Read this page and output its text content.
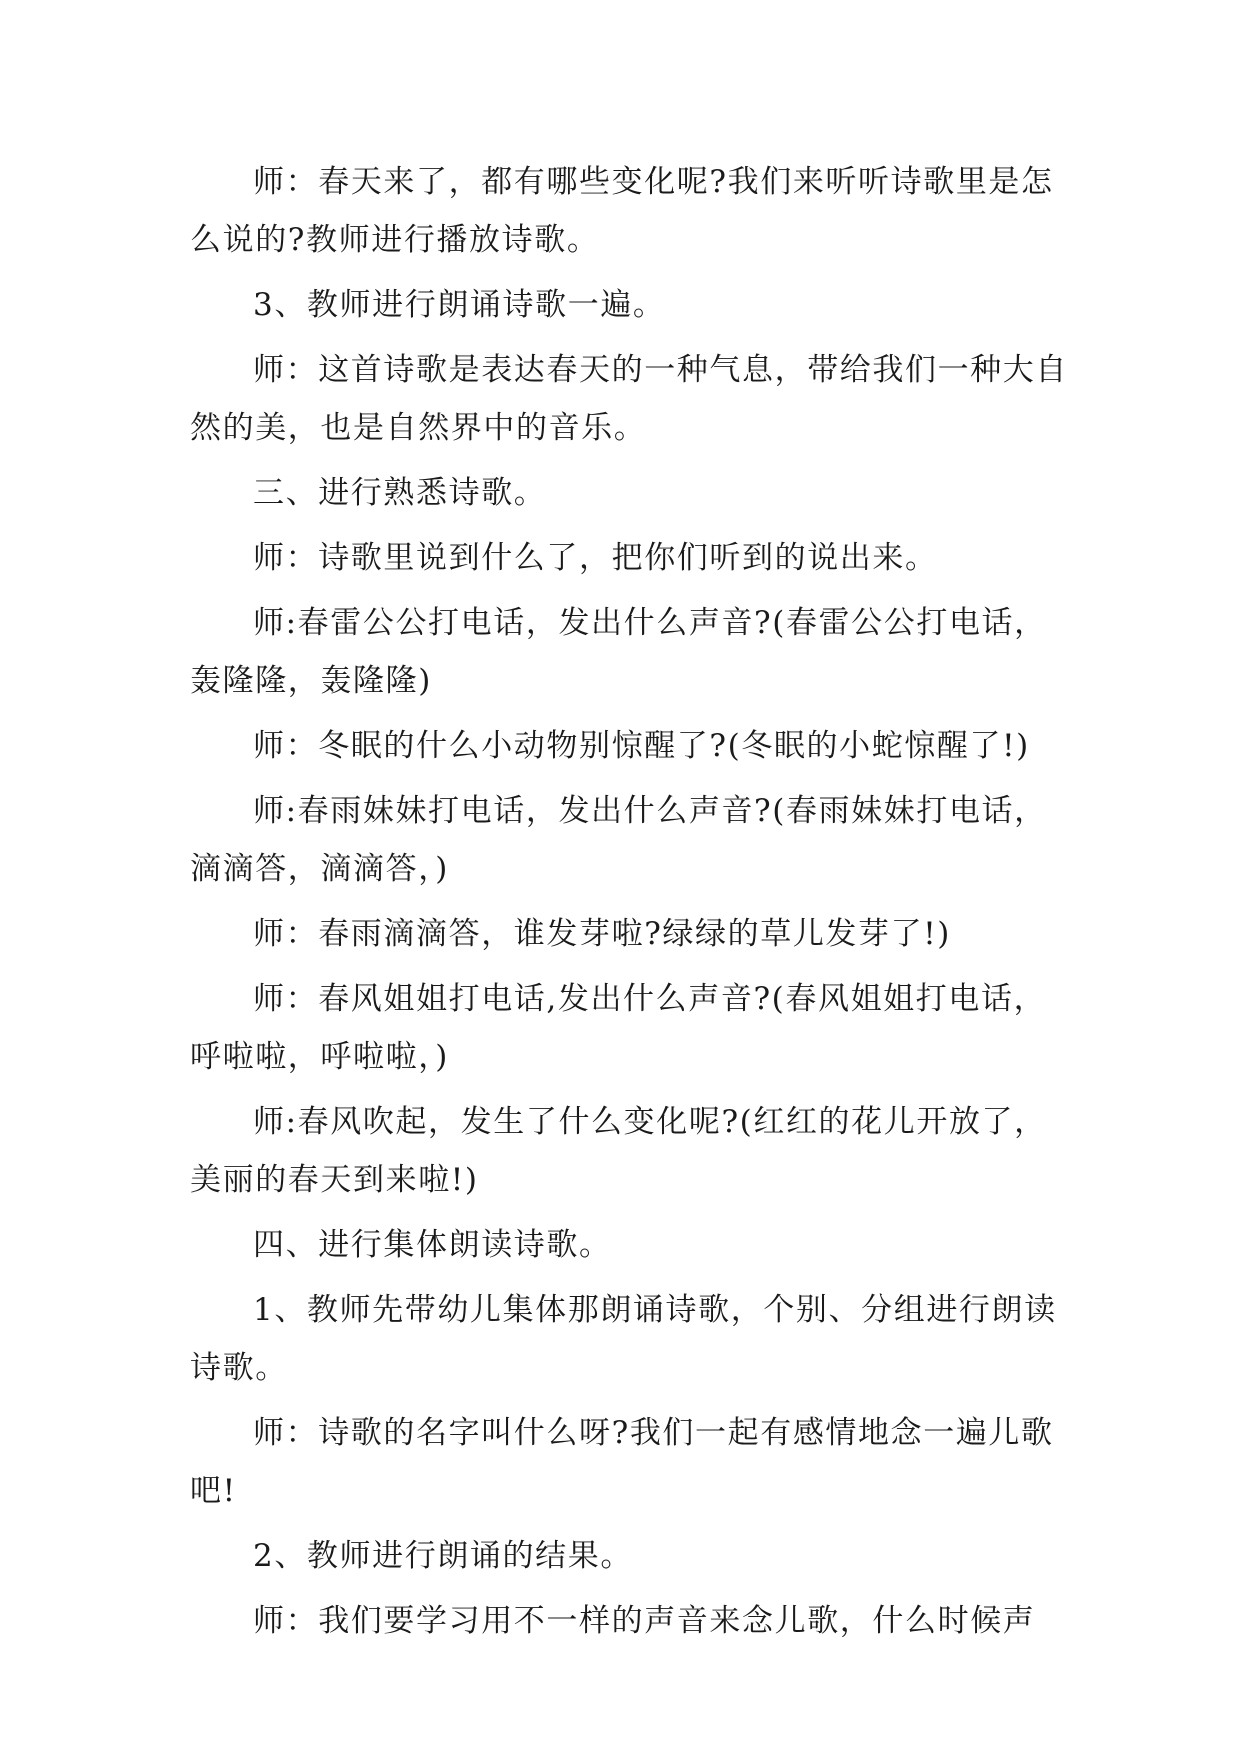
师：春天来了，都有哪些变化呢?我们来听听诗歌里是怎么说的?教师进行播放诗歌。

3、教师进行朗诵诗歌一遍。

师：这首诗歌是表达春天的一种气息，带给我们一种大自然的美，也是自然界中的音乐。

三、进行熟悉诗歌。

师：诗歌里说到什么了，把你们听到的说出来。

师:春雷公公打电话，发出什么声音?(春雷公公打电话，轰隆隆，轰隆隆)

师：冬眠的什么小动物别惊醒了?(冬眠的小蛇惊醒了!)

师:春雨妹妹打电话，发出什么声音?(春雨妹妹打电话，滴滴答，滴滴答，)

师：春雨滴滴答，谁发芽啦?绿绿的草儿发芽了!)

师：春风姐姐打电话,发出什么声音?(春风姐姐打电话，呼啦啦，呼啦啦，)

师:春风吹起，发生了什么变化呢?(红红的花儿开放了，美丽的春天到来啦!)

四、进行集体朗读诗歌。

1、教师先带幼儿集体那朗诵诗歌，个别、分组进行朗读诗歌。

师：诗歌的名字叫什么呀?我们一起有感情地念一遍儿歌吧!

2、教师进行朗诵的结果。

师：我们要学习用不一样的声音来念儿歌，什么时候声
